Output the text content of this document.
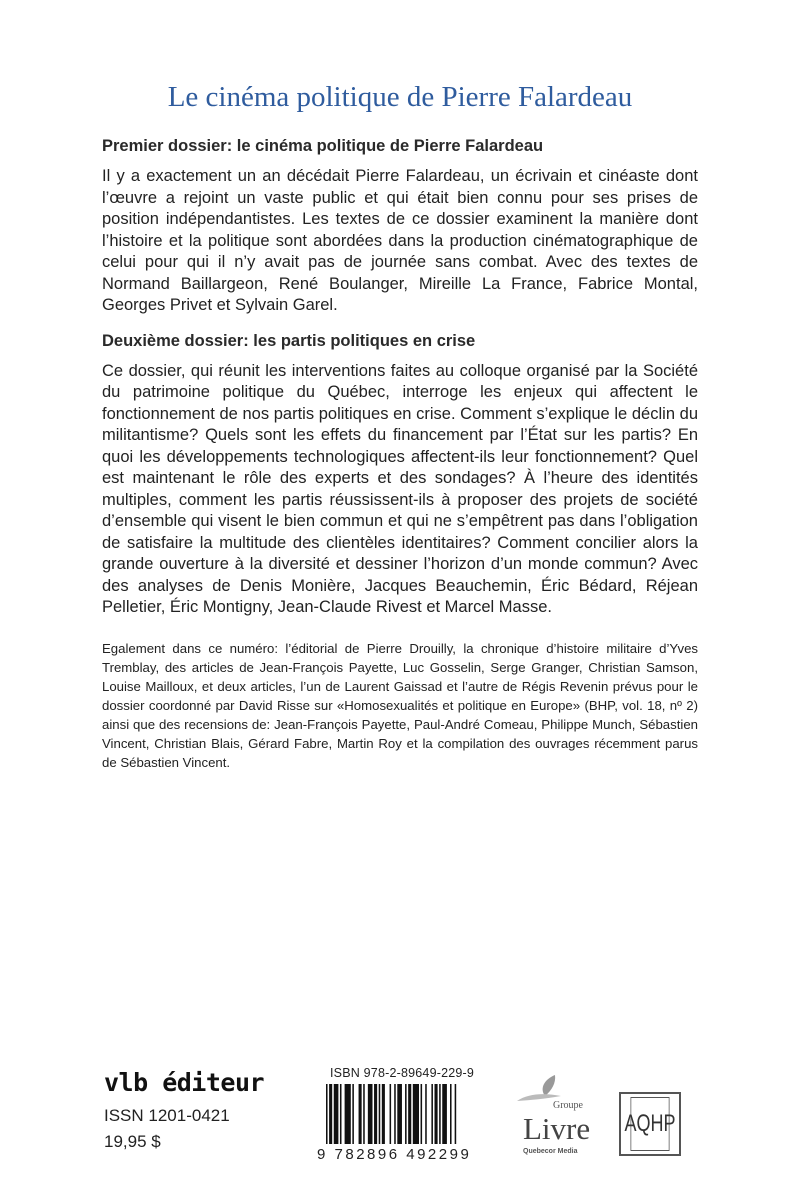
Le cinéma politique de Pierre Falardeau
Premier dossier: le cinéma politique de Pierre Falardeau
Il y a exactement un an décédait Pierre Falardeau, un écrivain et cinéaste dont l’œuvre a rejoint un vaste public et qui était bien connu pour ses prises de position indépendantistes. Les textes de ce dossier examinent la manière dont l’histoire et la politique sont abordées dans la production cinématographique de celui pour qui il n’y avait pas de journée sans combat. Avec des textes de Normand Baillargeon, René Boulanger, Mireille La France, Fabrice Montal, Georges Privet et Sylvain Garel.
Deuxième dossier: les partis politiques en crise
Ce dossier, qui réunit les interventions faites au colloque organisé par la Société du patrimoine politique du Québec, interroge les enjeux qui affectent le fonctionnement de nos partis politiques en crise. Comment s’explique le déclin du militantisme? Quels sont les effets du financement par l’État sur les partis? En quoi les développements technologiques affectent-ils leur fonctionnement? Quel est maintenant le rôle des experts et des sondages? À l’heure des identités multiples, comment les partis réussissent-ils à proposer des projets de société d’ensemble qui visent le bien commun et qui ne s’empêtrent pas dans l’obligation de satisfaire la multitude des clientèles identitaires? Comment concilier alors la grande ouverture à la diversité et dessiner l’horizon d’un monde commun? Avec des analyses de Denis Monière, Jacques Beauchemin, Éric Bédard, Réjean Pelletier, Éric Montigny, Jean-Claude Rivest et Marcel Masse.
Egalement dans ce numéro: l’éditorial de Pierre Drouilly, la chronique d’histoire militaire d’Yves Tremblay, des articles de Jean-François Payette, Luc Gosselin, Serge Granger, Christian Samson, Louise Mailloux, et deux articles, l’un de Laurent Gaissad et l’autre de Régis Revenin prévus pour le dossier coordonné par David Risse sur «Homosexualités et politique en Europe» (BHP, vol. 18, nº 2) ainsi que des recensions de: Jean-François Payette, Paul-André Comeau, Philippe Munch, Sébastien Vincent, Christian Blais, Gérard Fabre, Martin Roy et la compilation des ouvrages récemment parus de Sébastien Vincent.
vlb éditeur
ISSN 1201-0421
19,95 $
ISBN 978-2-89649-229-9
9 782896 492299
Groupe
Livre
Quebecor Media
AQHP
